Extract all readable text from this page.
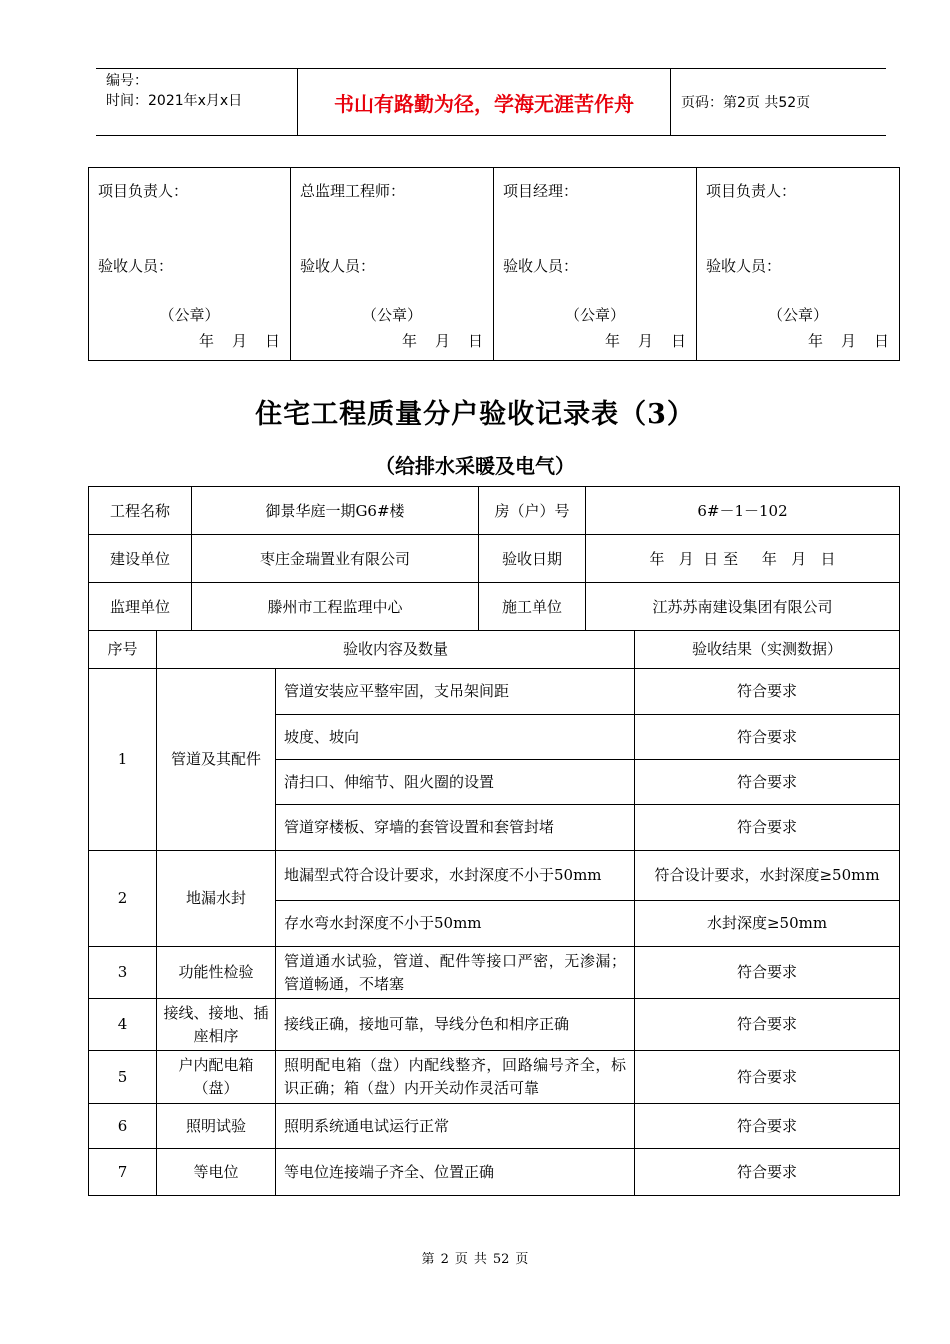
编号：
时间：2021年x月x日	书山有路勤为径，学海无涯苦作舟	页码：第2页 共52页
项目负责人：
验收人员：
（公章）
年 月 日

总监理工程师：
验收人员：
（公章）
年 月 日

项目经理：
验收人员：
（公章）
年 月 日

项目负责人：
验收人员：
（公章）
年 月 日
住宅工程质量分户验收记录表（3）
（给排水采暖及电气）
工程名称	御景华庭一期G6#楼	房（户）号	6#－1－102
建设单位	枣庄金瑞置业有限公司	验收日期	年   月  日 至     年   月   日
监理单位	滕州市工程监理中心	施工单位	江苏苏南建设集团有限公司
序号	验收内容及数量		验收结果（实测数据）
1	管道及其配件	管道安装应平整牢固，支吊架间距	符合要求
		坡度、坡向	符合要求
		清扫口、伸缩节、阻火圈的设置	符合要求
		管道穿楼板、穿墙的套管设置和套管封堵	符合要求
2	地漏水封	地漏型式符合设计要求，水封深度不小于50mm	符合设计要求，水封深度≥50mm
		存水弯水封深度不小于50mm	水封深度≥50mm
3	功能性检验	管道通水试验，管道、配件等接口严密，无渗漏；管道畅通，不堵塞	符合要求
4	接线、接地、插座相序	接线正确，接地可靠，导线分色和相序正确	符合要求
5	户内配电箱（盘）	照明配电箱（盘）内配线整齐，回路编号齐全，标识正确；箱（盘）内开关动作灵活可靠	符合要求
6	照明试验	照明系统通电试运行正常	符合要求
7	等电位	等电位连接端子齐全、位置正确	符合要求
第 2 页 共 52 页
